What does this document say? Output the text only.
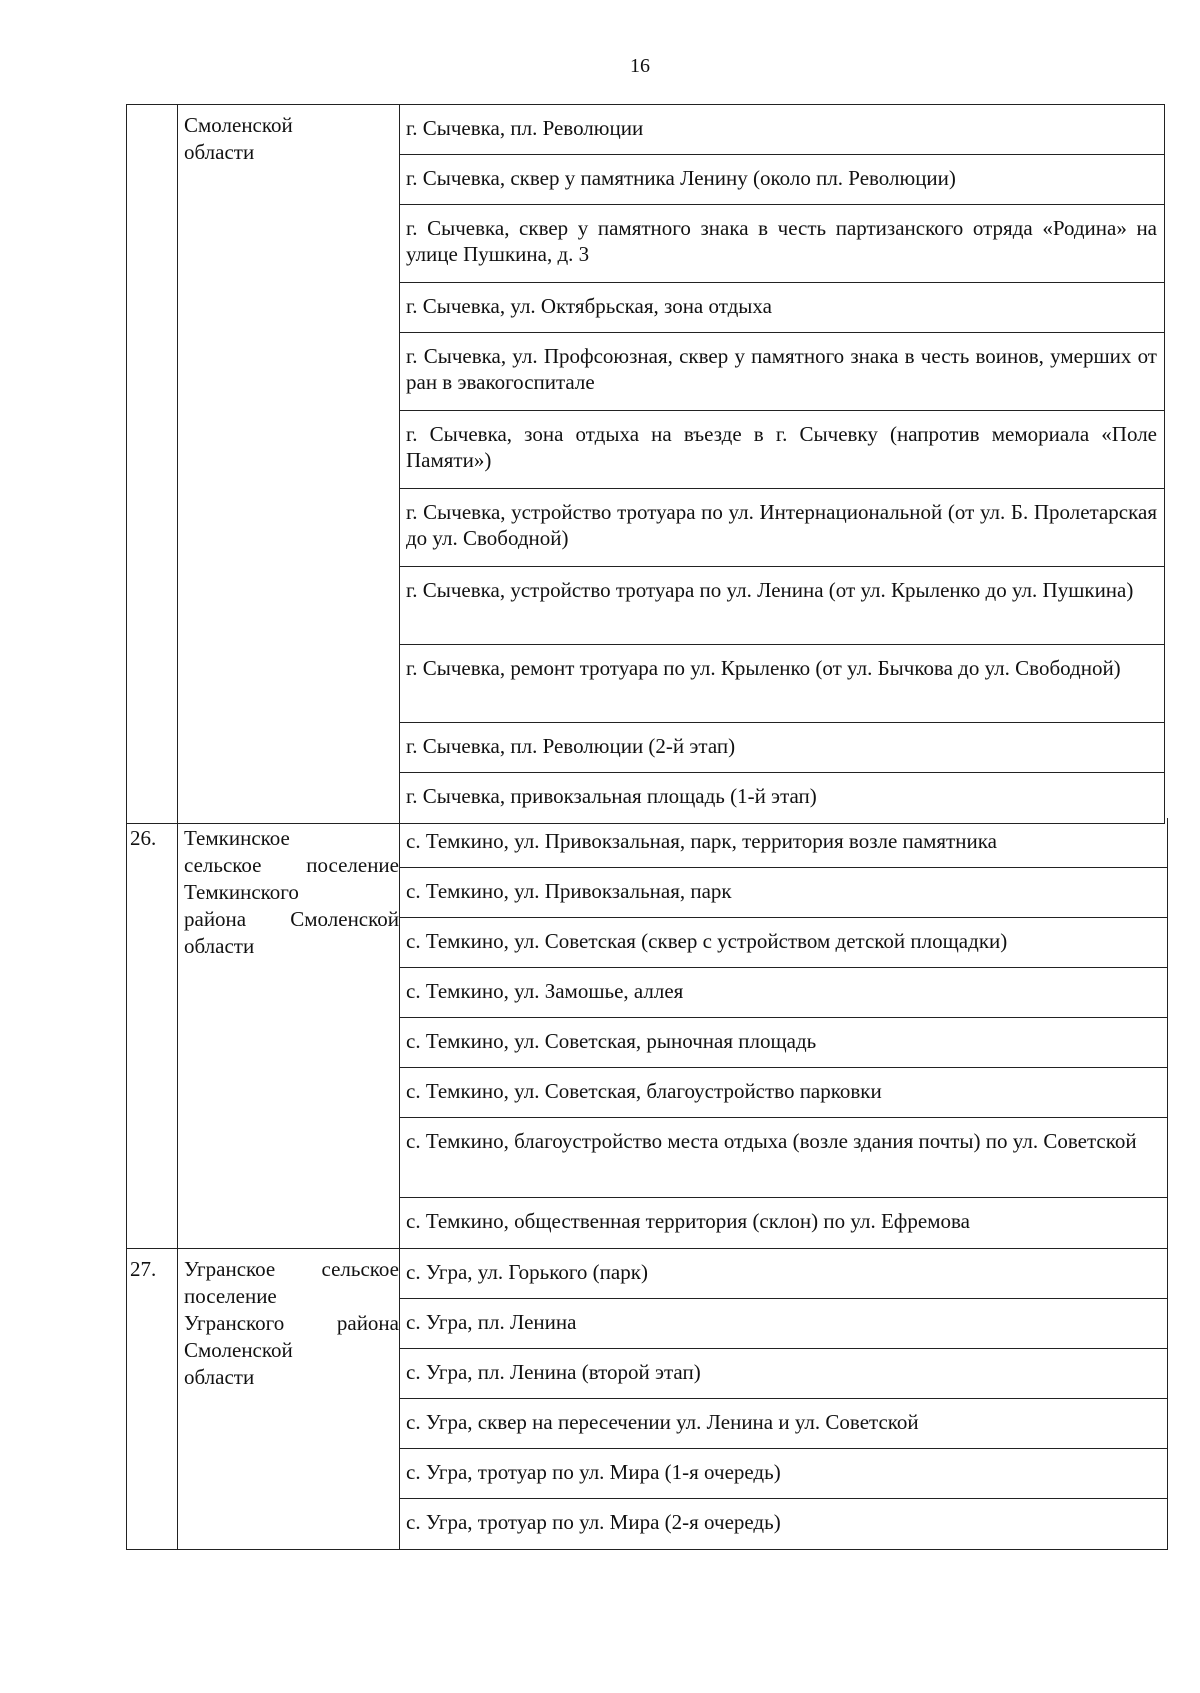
16
Смоленской
области
г. Сычевка, пл. Революции
г. Сычевка, сквер у памятника Ленину (около пл. Революции)
г. Сычевка, сквер у памятного знака в честь партизанского отряда «Родина» на улице Пушкина, д. 3
г. Сычевка, ул. Октябрьская, зона отдыха
г. Сычевка, ул. Профсоюзная, сквер у памятного знака в честь воинов, умерших от ран в эвакогоспитале
г. Сычевка, зона отдыха на въезде в г. Сычевку (напротив мемориала «Поле Памяти»)
г. Сычевка, устройство тротуара по ул. Интернациональной (от ул. Б. Пролетарская до ул. Свободной)
г. Сычевка, устройство тротуара по ул. Ленина (от ул. Крыленко до ул. Пушкина)
г. Сычевка, ремонт тротуара по ул. Крыленко (от ул. Бычкова до ул. Свободной)
г. Сычевка, пл. Революции (2-й этап)
г. Сычевка, привокзальная площадь (1-й этап)
26.	Темкинское
сельское поселение
Темкинского
района Смоленской
области
с. Темкино, ул. Привокзальная, парк, территория возле памятника
с. Темкино, ул. Привокзальная, парк
с. Темкино, ул. Советская (сквер с устройством детской площадки)
с. Темкино, ул. Замошье, аллея
с. Темкино, ул. Советская, рыночная площадь
с. Темкино, ул. Советская, благоустройство парковки
с. Темкино, благоустройство места отдыха (возле здания почты) по ул. Советской
с. Темкино, общественная территория (склон) по ул. Ефремова
27.	Угранское сельское
поселение
Угранского района
Смоленской
области
с. Угра, ул. Горького (парк)
с. Угра, пл. Ленина
с. Угра, пл. Ленина (второй этап)
с. Угра, сквер на пересечении ул. Ленина и ул. Советской
с. Угра, тротуар по ул. Мира (1-я очередь)
с. Угра, тротуар по ул. Мира (2-я очередь)
